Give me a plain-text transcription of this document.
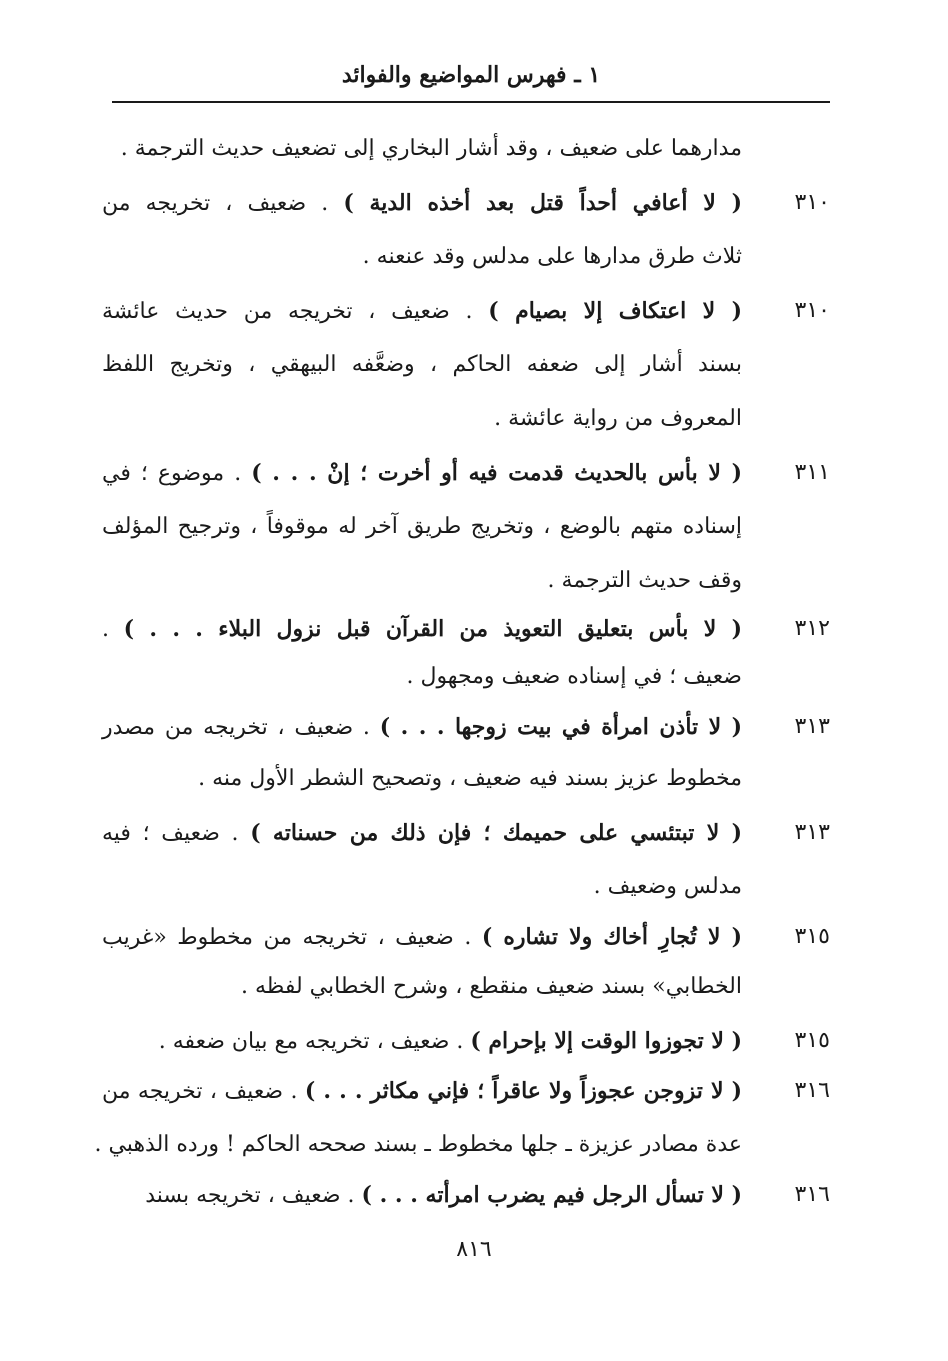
١ ـ فهرس المواضيع والفوائد
مدارهما على ضعيف ، وقد أشار البخاري إلى تضعيف حديث الترجمة .
٣١٠
( لا أعافي أحداً قتل بعد أخذه الدية ) . ضعيف ، تخريجه من
ثلاث طرق مدارها على مدلس وقد عنعنه .
٣١٠
( لا اعتكاف إلا بصيام ) . ضعيف ، تخريجه من حديث عائشة
بسند أشار إلى ضعفه الحاكم ، وضعَّفه البيهقي ، وتخريج اللفظ
المعروف من رواية عائشة .
٣١١
( لا بأس بالحديث قدمت فيه أو أخرت ؛ إنْ . . . ) . موضوع ؛ في
إسناده متهم بالوضع ، وتخريج طريق آخر له موقوفاً ، وترجيح المؤلف
وقف حديث الترجمة .
٣١٢
( لا بأس بتعليق التعويذ من القرآن قبل نزول البلاء . . . ) .
ضعيف ؛ في إسناده ضعيف ومجهول .
٣١٣
( لا تأذن امرأة في بيت زوجها . . . ) . ضعيف ، تخريجه من مصدر
مخطوط عزيز بسند فيه ضعيف ، وتصحيح الشطر الأول منه .
٣١٣
( لا تبتئسي على حميمك ؛ فإن ذلك من حسناته ) . ضعيف ؛ فيه
مدلس وضعيف .
٣١٥
( لا تُجارِ أخاك ولا تشاره ) . ضعيف ، تخريجه من مخطوط «غريب
الخطابي» بسند ضعيف منقطع ، وشرح الخطابي لفظه .
٣١٥
( لا تجوزوا الوقت إلا بإحرام ) . ضعيف ، تخريجه مع بيان ضعفه .
٣١٦
( لا تزوجن عجوزاً ولا عاقراً ؛ فإني مكاثر . . . ) . ضعيف ، تخريجه من
عدة مصادر عزيزة ـ جلها مخطوط ـ بسند صححه الحاكم ! ورده الذهبي .
٣١٦
( لا تسأل الرجل فيم يضرب امرأته . . . ) . ضعيف ، تخريجه بسند
٨١٦
